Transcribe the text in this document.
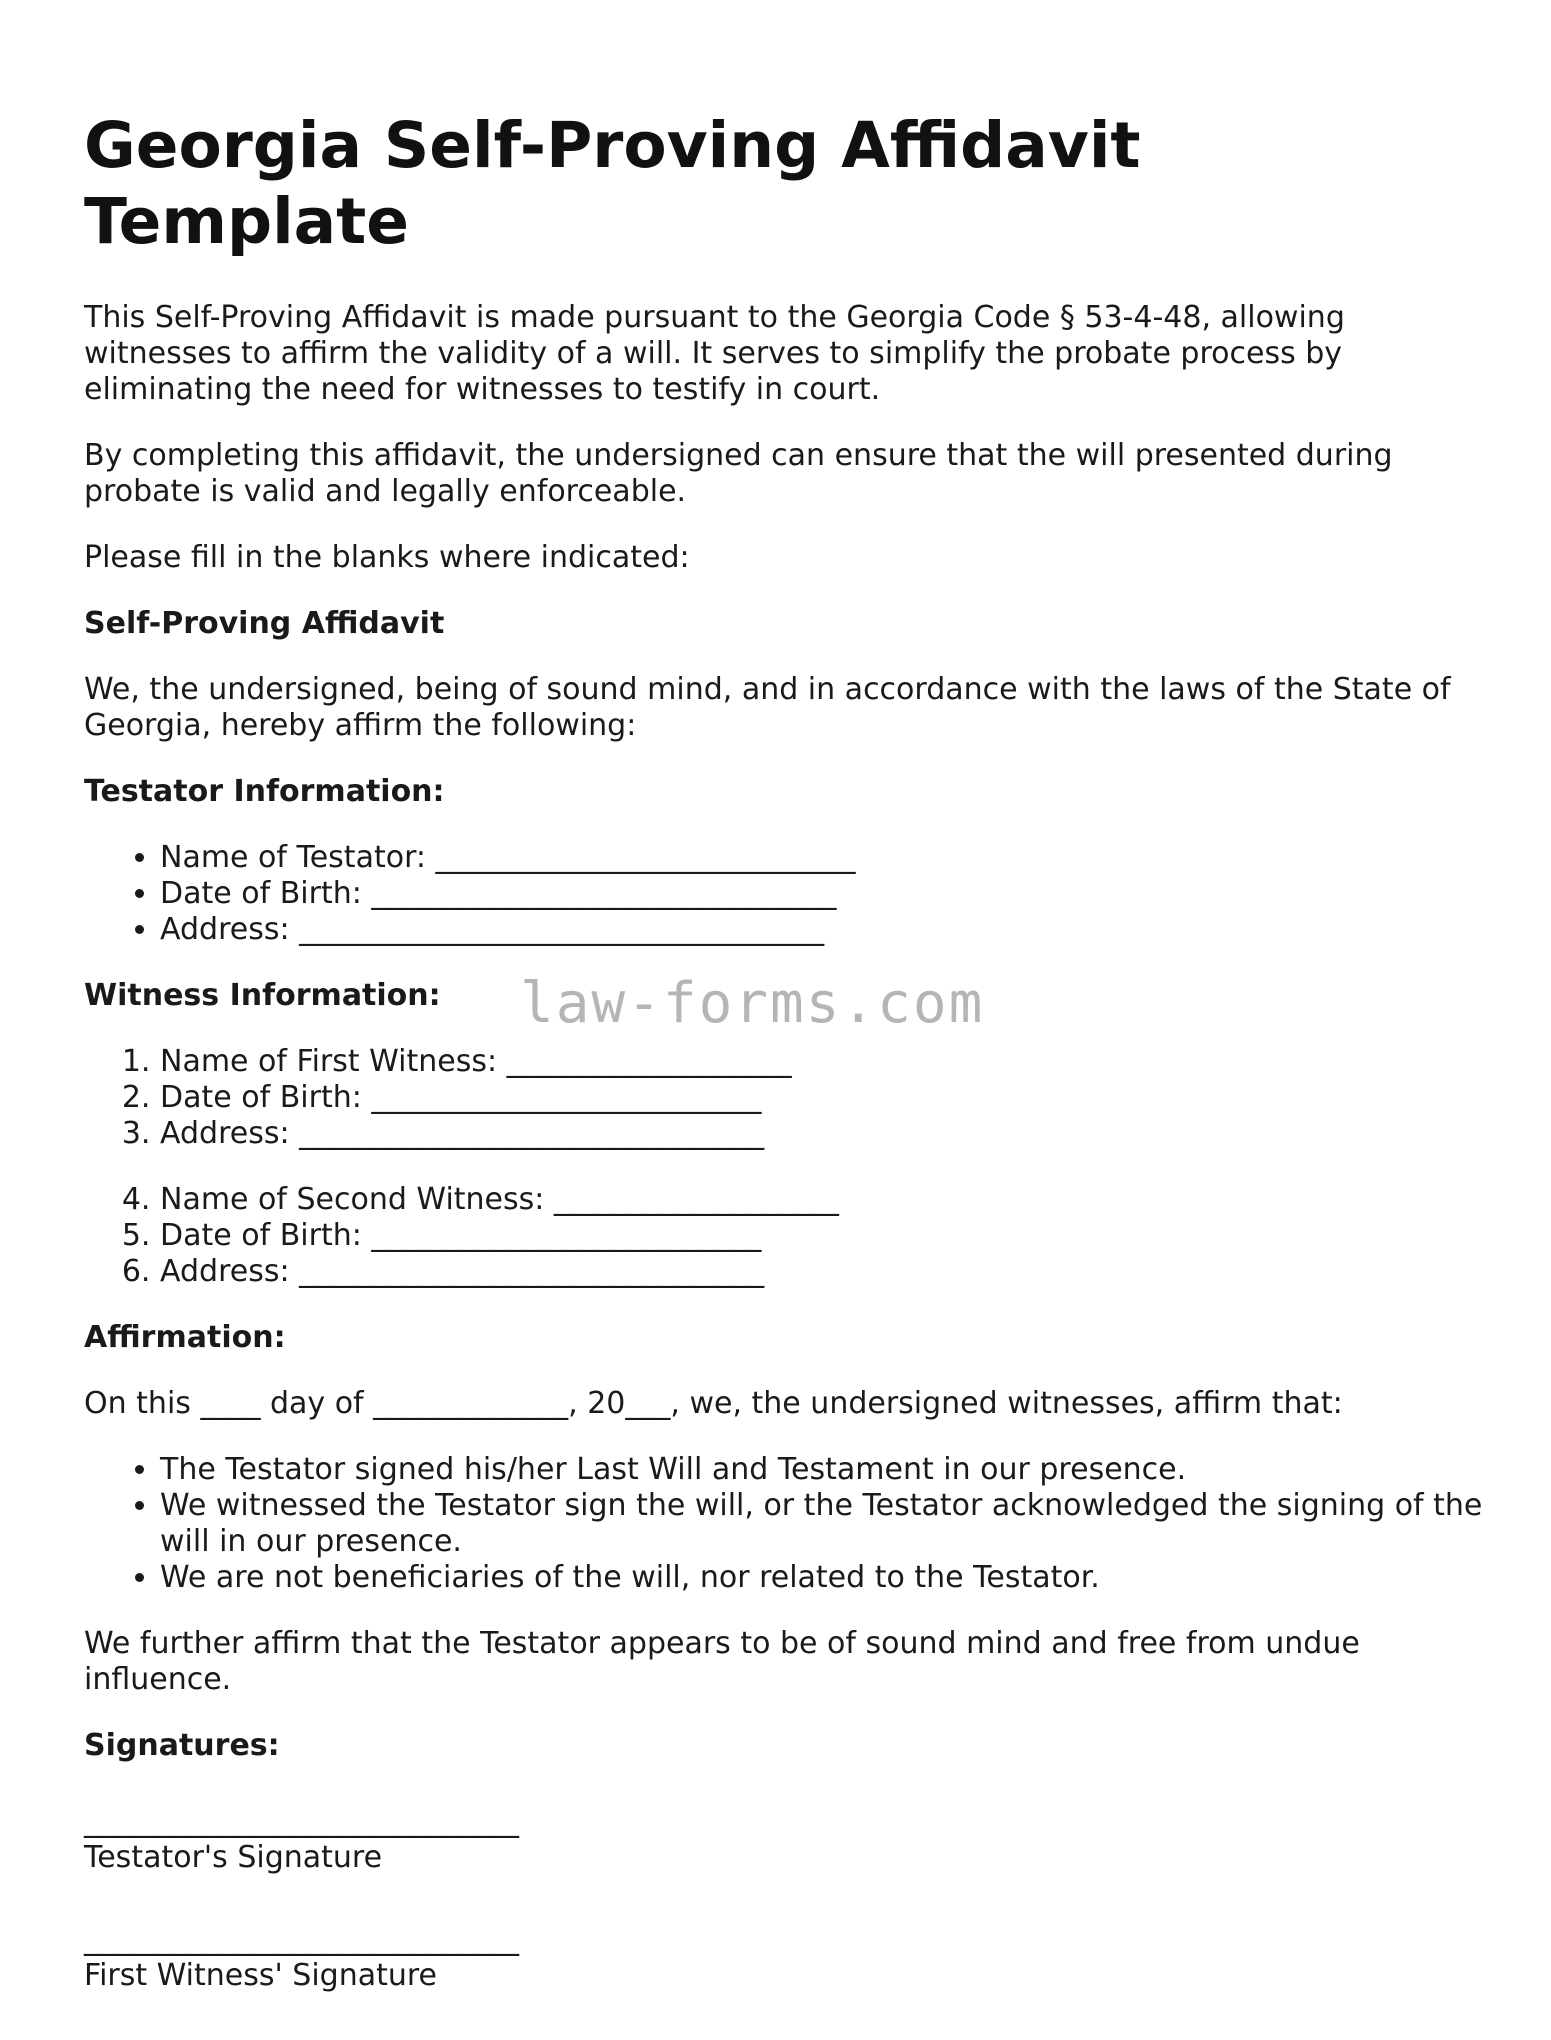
Georgia Self-Proving Affidavit Template

This Self-Proving Affidavit is made pursuant to the Georgia Code § 53-4-48, allowing witnesses to affirm the validity of a will. It serves to simplify the probate process by eliminating the need for witnesses to testify in court.

By completing this affidavit, the undersigned can ensure that the will presented during probate is valid and legally enforceable.

Please fill in the blanks where indicated:

Self-Proving Affidavit

We, the undersigned, being of sound mind, and in accordance with the laws of the State of Georgia, hereby affirm the following:

Testator Information:
• Name of Testator: ____________________________
• Date of Birth: _______________________________
• Address: ___________________________________
Witness Information:
1. Name of First Witness: ___________________
2. Date of Birth: __________________________
3. Address: _______________________________
4. Name of Second Witness: ___________________
5. Date of Birth: __________________________
6. Address: _______________________________
Affirmation:

On this ____ day of _____________, 20___, we, the undersigned witnesses, affirm that:

• The Testator signed his/her Last Will and Testament in our presence.
• We witnessed the Testator sign the will, or the Testator acknowledged the signing of the will in our presence.
• We are not beneficiaries of the will, nor related to the Testator.

We further affirm that the Testator appears to be of sound mind and free from undue influence.

Signatures:
_____________________________
Testator's Signature
_____________________________
First Witness' Signature
law-forms.com
